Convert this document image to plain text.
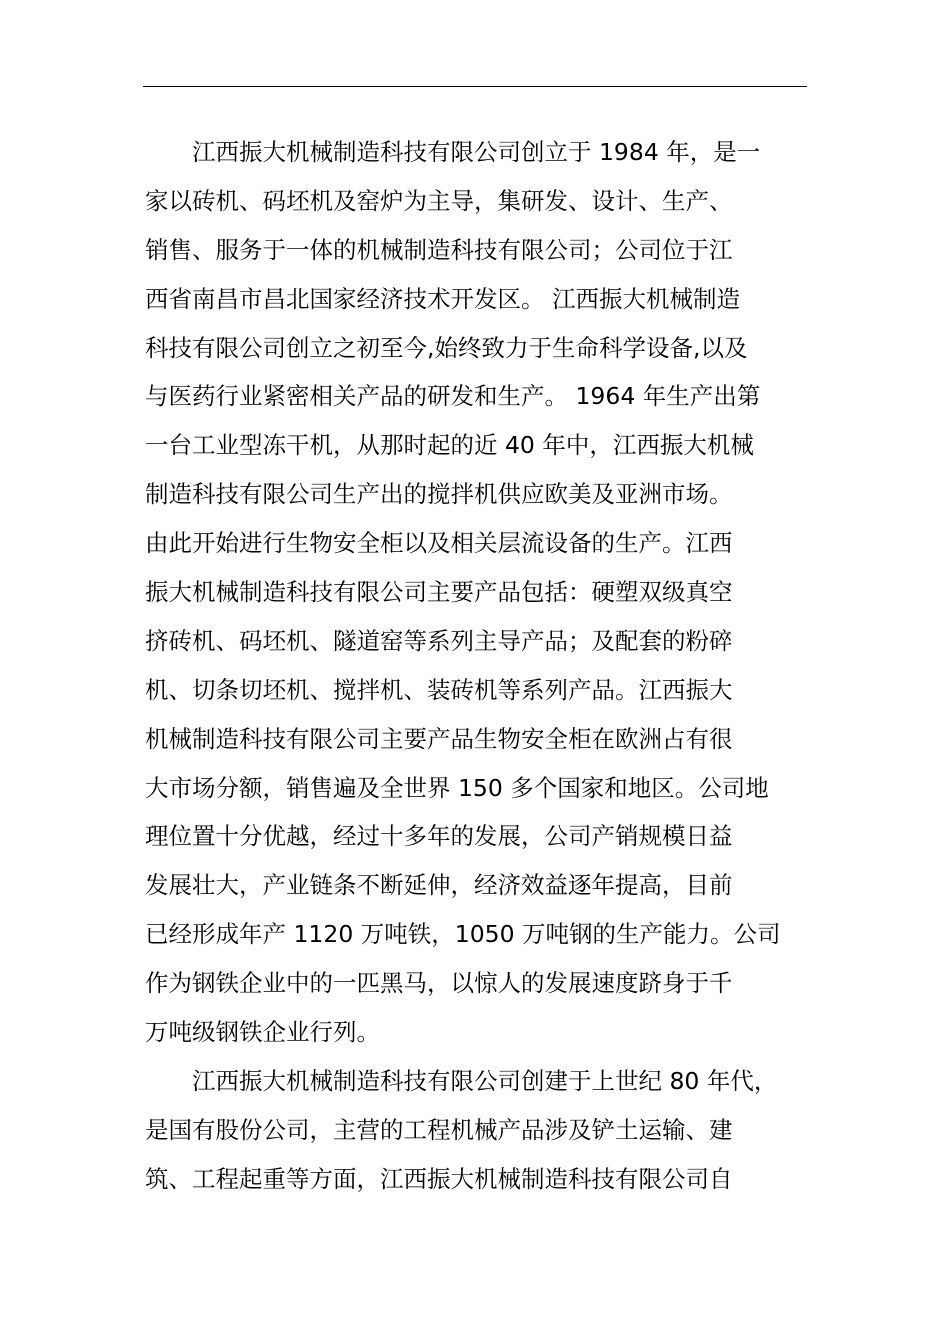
　　江西振大机械制造科技有限公司创立于 1984 年，是一
家以砖机、码坯机及窑炉为主导，集研发、设计、生产、
销售、服务于一体的机械制造科技有限公司；公司位于江
西省南昌市昌北国家经济技术开发区。 江西振大机械制造
科技有限公司创立之初至今,始终致力于生命科学设备,以及
与医药行业紧密相关产品的研发和生产。 1964 年生产出第
一台工业型冻干机，从那时起的近 40 年中，江西振大机械
制造科技有限公司生产出的搅拌机供应欧美及亚洲市场。
由此开始进行生物安全柜以及相关层流设备的生产。江西
振大机械制造科技有限公司主要产品包括：硬塑双级真空
挤砖机、码坯机、隧道窑等系列主导产品；及配套的粉碎
机、切条切坯机、搅拌机、装砖机等系列产品。江西振大
机械制造科技有限公司主要产品生物安全柜在欧洲占有很
大市场分额，销售遍及全世界 150 多个国家和地区。公司地
理位置十分优越，经过十多年的发展，公司产销规模日益
发展壮大，产业链条不断延伸，经济效益逐年提高，目前
已经形成年产 1120 万吨铁，1050 万吨钢的生产能力。公司
作为钢铁企业中的一匹黑马，以惊人的发展速度跻身于千
万吨级钢铁企业行列。
　　江西振大机械制造科技有限公司创建于上世纪 80 年代，
是国有股份公司，主营的工程机械产品涉及铲土运输、建
筑、工程起重等方面，江西振大机械制造科技有限公司自
